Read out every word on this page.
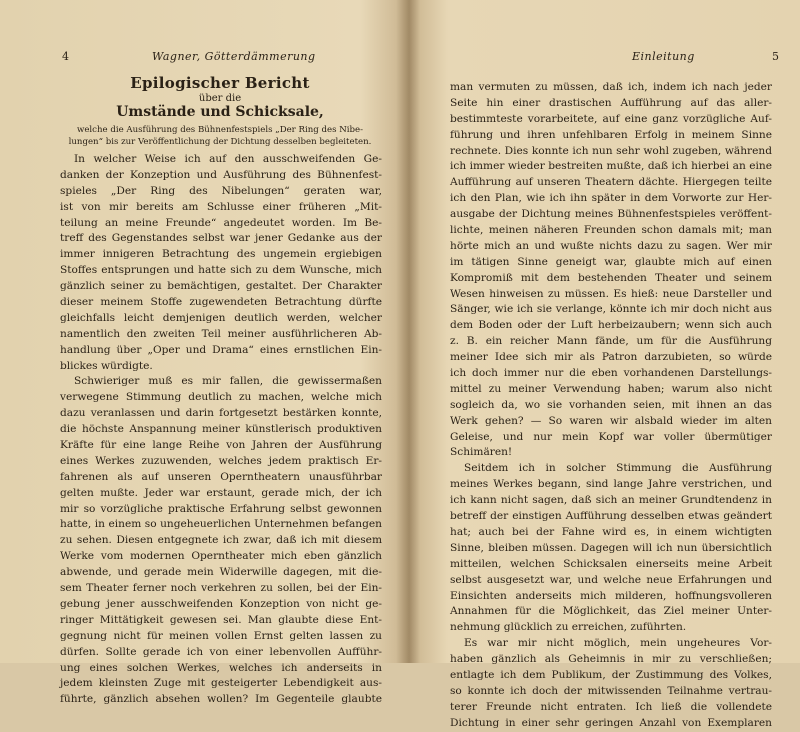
4	Wagner, Götterdämmerung
Epilogischer Bericht
über die
Umstände und Schicksale,
welche die Ausführung des Bühnenfestspiels „Der Ring des Nibe-
lungen“ bis zur Veröffentlichung der Dichtung desselben begleiteten.
In welcher Weise ich auf den ausschweifenden Ge-
danken der Konzeption und Ausführung des Bühnenfest-
spieles „Der Ring des Nibelungen“ geraten war,
ist von mir bereits am Schlusse einer früheren „Mit-
teilung an meine Freunde“ angedeutet worden. Im Be-
treff des Gegenstandes selbst war jener Gedanke aus der
immer innigeren Betrachtung des ungemein ergiebigen
Stoffes entsprungen und hatte sich zu dem Wunsche, mich
gänzlich seiner zu bemächtigen, gestaltet. Der Charakter
dieser meinem Stoffe zugewendeten Betrachtung dürfte
gleichfalls leicht demjenigen deutlich werden, welcher
namentlich den zweiten Teil meiner ausführlicheren Ab-
handlung über „Oper und Drama“ eines ernstlichen Ein-
blickes würdigte.
Schwieriger muß es mir fallen, die gewissermaßen
verwegene Stimmung deutlich zu machen, welche mich
dazu veranlassen und darin fortgesetzt bestärken konnte,
die höchste Anspannung meiner künstlerisch produktiven
Kräfte für eine lange Reihe von Jahren der Ausführung
eines Werkes zuzuwenden, welches jedem praktisch Er-
fahrenen als auf unseren Operntheatern unausführbar
gelten mußte. Jeder war erstaunt, gerade mich, der ich
mir so vorzügliche praktische Erfahrung selbst gewonnen
hatte, in einem so ungeheuerlichen Unternehmen befangen
zu sehen. Diesen entgegnete ich zwar, daß ich mit diesem
Werke vom modernen Operntheater mich eben gänzlich
abwende, und gerade mein Widerwille dagegen, mit die-
sem Theater ferner noch verkehren zu sollen, bei der Ein-
gebung jener ausschweifenden Konzeption von nicht ge-
ringer Mittätigkeit gewesen sei. Man glaubte diese Ent-
gegnung nicht für meinen vollen Ernst gelten lassen zu
dürfen. Sollte gerade ich von einer lebenvollen Aufführ-
ung eines solchen Werkes, welches ich anderseits in
jedem kleinsten Zuge mit gesteigerter Lebendigkeit aus-
führte, gänzlich absehen wollen? Im Gegenteile glaubte
Einleitung	5
man vermuten zu müssen, daß ich, indem ich nach jeder
Seite hin einer drastischen Aufführung auf das aller-
bestimmteste vorarbeitete, auf eine ganz vorzügliche Auf-
führung und ihren unfehlbaren Erfolg in meinem Sinne
rechnete. Dies konnte ich nun sehr wohl zugeben, während
ich immer wieder bestreiten mußte, daß ich hierbei an eine
Aufführung auf unseren Theatern dächte. Hiergegen teilte
ich den Plan, wie ich ihn später in dem Vorworte zur Her-
ausgabe der Dichtung meines Bühnenfestspieles veröffent-
lichte, meinen näheren Freunden schon damals mit; man
hörte mich an und wußte nichts dazu zu sagen. Wer mir
im tätigen Sinne geneigt war, glaubte mich auf einen
Kompromiß mit dem bestehenden Theater und seinem
Wesen hinweisen zu müssen. Es hieß: neue Darsteller und
Sänger, wie ich sie verlange, könnte ich mir doch nicht aus
dem Boden oder der Luft herbeizaubern; wenn sich auch
z. B. ein reicher Mann fände, um für die Ausführung
meiner Idee sich mir als Patron darzubieten, so würde
ich doch immer nur die eben vorhandenen Darstellungs-
mittel zu meiner Verwendung haben; warum also nicht
sogleich da, wo sie vorhanden seien, mit ihnen an das
Werk gehen? — So waren wir alsbald wieder im alten
Geleise, und nur mein Kopf war voller übermütiger
Schimären!
Seitdem ich in solcher Stimmung die Ausführung
meines Werkes begann, sind lange Jahre verstrichen, und
ich kann nicht sagen, daß sich an meiner Grundtendenz in
betreff der einstigen Aufführung desselben etwas geändert
hat; auch bei der Fahne wird es, in einem wichtigten
Sinne, bleiben müssen. Dagegen will ich nun übersichtlich
mitteilen, welchen Schicksalen einerseits meine Arbeit
selbst ausgesetzt war, und welche neue Erfahrungen und
Einsichten anderseits mich milderen, hoffnungsvolleren
Annahmen für die Möglichkeit, das Ziel meiner Unter-
nehmung glücklich zu erreichen, zuführten.
Es war mir nicht möglich, mein ungeheures Vor-
haben gänzlich als Geheimnis in mir zu verschließen;
entlagte ich dem Publikum, der Zustimmung des Volkes,
so konnte ich doch der mitwissenden Teilnahme vertrau-
terer Freunde nicht entraten. Ich ließ die vollendete
Dichtung in einer sehr geringen Anzahl von Exemplaren
